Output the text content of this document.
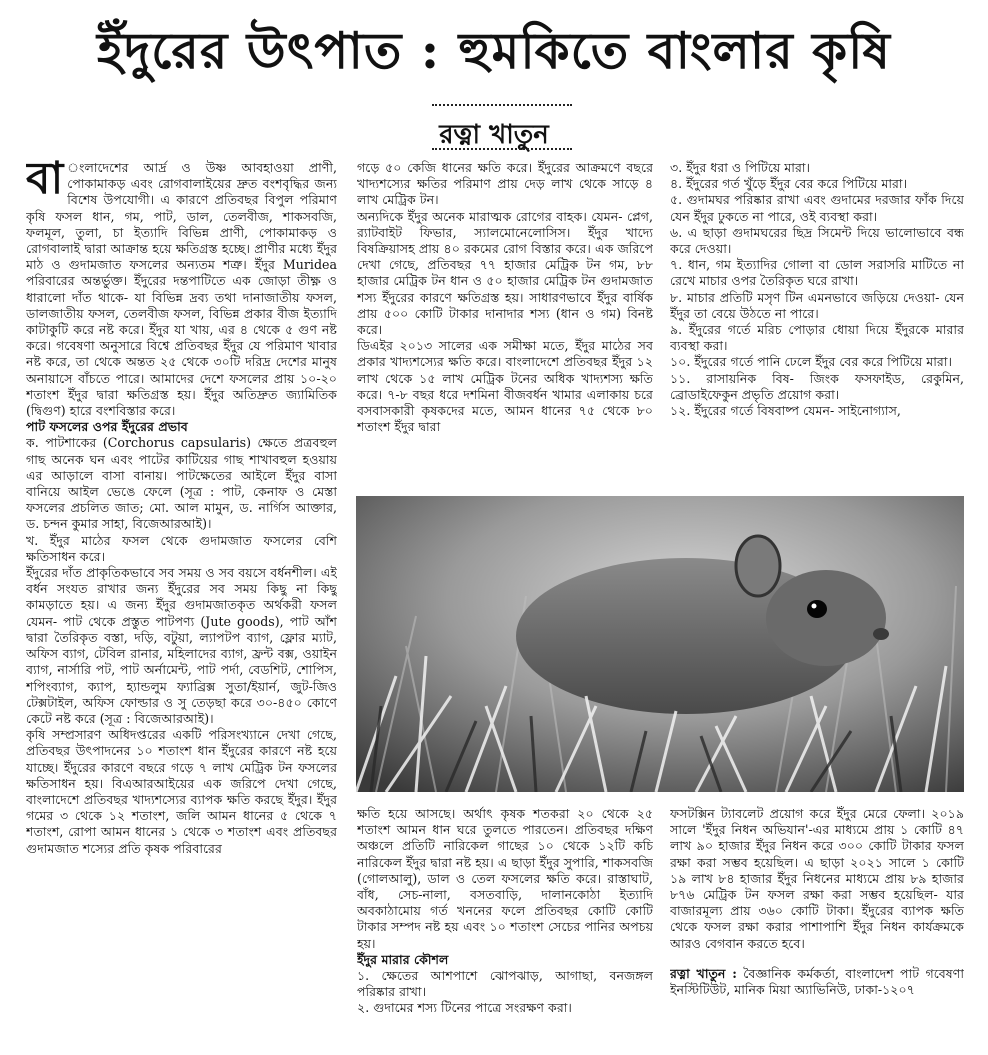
ইঁদুরের উৎপাত : হুমকিতে বাংলার কৃষি
রত্না খাতুন

বা ংলাদেশের আর্দ্র ও উষ্ণ আবহাওয়া প্রাণী, পোকামাকড় এবং রোগবালাইয়ের দ্রুত বংশবৃদ্ধির জন্য বিশেষ উপযোগী। এ কারণে প্রতিবছর বিপুল পরিমাণ কৃষি ফসল ধান, গম, পাট, ডাল, তেলবীজ, শাকসবজি, ফলমূল, তুলা, চা ইত্যাদি বিভিন্ন প্রাণী, পোকামাকড় ও রোগবালাই দ্বারা আক্রান্ত হয়ে ক্ষতিগ্রস্ত হচ্ছে। প্রাণীর মধ্যে ইঁদুর মাঠ ও গুদামজাত ফসলের অন্যতম শত্রু। ইঁদুর Muridea পরিবারের অন্তর্ভুক্ত। ইঁদুরের দন্তপাটিতে এক জোড়া তীক্ষ্ণ ও ধারালো দাঁত থাকে- যা বিভিন্ন দ্রব্য তথা দানাজাতীয় ফসল, ডালজাতীয় ফসল, তেলবীজ ফসল, বিভিন্ন প্রকার বীজ ইত্যাদি কাটাকুটি করে নষ্ট করে। ইঁদুর যা খায়, এর ৪ থেকে ৫ গুণ নষ্ট করে। গবেষণা অনুসারে বিশ্বে প্রতিবছর ইঁদুর যে পরিমাণ খাবার নষ্ট করে, তা থেকে অন্তত ২৫ থেকে ৩০টি দরিদ্র দেশের মানুষ অনায়াসে বাঁচতে পারে। আমাদের দেশে ফসলের প্রায় ১০-২০ শতাংশ ইঁদুর দ্বারা ক্ষতিগ্রস্ত হয়। ইঁদুর অতিদ্রুত জ্যামিতিক (দ্বিগুণ) হারে বংশবিস্তার করে।

পাট ফসলের ওপর ইঁদুরের প্রভাব

ক. পাটশাকের (Corchorus capsularis) ক্ষেতে প্রত্রবহুল গাছ অনেক ঘন এবং পাটের কাটিয়ের গাছ শাখাবহুল হওয়ায় এর আড়ালে বাসা বানায়। পাটক্ষেতের আইলে ইঁদুর বাসা বানিয়ে আইল ভেঙে ফেলে (সূত্র : পাট, কেনাফ ও মেস্তা ফসলের প্রচলিত জাত; মো. আল মামুন, ড. নার্গিস আক্তার, ড. চন্দন কুমার সাহা, বিজেআরআই)।

খ. ইঁদুর মাঠের ফসল থেকে গুদামজাত ফসলের বেশি ক্ষতিসাধন করে।

ইঁদুরের দাঁত প্রাকৃতিকভাবে সব সময় ও সব বয়সে বর্ধনশীল। এই বর্ধন সংযত রাখার জন্য ইঁদুরের সব সময় কিছু না কিছু কামড়াতে হয়। এ জন্য ইঁদুর গুদামজাতকৃত অর্থকরী ফসল যেমন- পাট থেকে প্রস্তুত পাটপণ্য (Jute goods), পাট আঁশ দ্বারা তৈরিকৃত বস্তা, দড়ি, বটুয়া, ল্যাপটপ ব্যাগ, ফ্লোর ম্যাট, অফিস ব্যাগ, টেবিল রানার, মহিলাদের ব্যাগ, ফ্রন্ট বক্স, ওয়াইন ব্যাগ, নার্সারি পট, পাট অর্নামেন্ট, পাট পর্দা, বেডশিট, শোপিস, শপিংব্যাগ, ক্যাপ, হ্যান্ডলুম ফ্যাব্রিক্স সুতা/ইয়ার্ন, জুট-জিও টেক্সটাইল, অফিস ফোল্ডার ও সু তেড়ছা করে ৩০-৪৫০ কোণে কেটে নষ্ট করে (সূত্র : বিজেআরআই)।

কৃষি সম্প্রসারণ অধিদপ্তরের একটি পরিসংখ্যানে দেখা গেছে, প্রতিবছর উৎপাদনের ১০ শতাংশ ধান ইঁদুরের কারণে নষ্ট হয়ে যাচ্ছে। ইঁদুরের কারণে বছরে গড়ে ৭ লাখ মেট্রিক টন ফসলের ক্ষতিসাধন হয়। বিএআরআইয়ের এক জরিপে দেখা গেছে, বাংলাদেশে প্রতিবছর খাদ্যশস্যের ব্যাপক ক্ষতি করছে ইঁদুর। ইঁদুর গমের ৩ থেকে ১২ শতাংশ, জলি আমন ধানের ৫ থেকে ৭ শতাংশ, রোপা আমন ধানের ১ থেকে ৩ শতাংশ এবং প্রতিবছর গুদামজাত শস্যের প্রতি কৃষক পরিবারের

গড়ে ৫০ কেজি ধানের ক্ষতি করে। ইঁদুরের আক্রমণে বছরে খাদ্যশস্যের ক্ষতির পরিমাণ প্রায় দেড় লাখ থেকে সাড়ে ৪ লাখ মেট্রিক টন।

অন্যদিকে ইঁদুর অনেক মারাত্মক রোগের বাহক। যেমন- প্লেগ, র‌্যাটবাইট ফিভার, স্যালমোনেলোসিস। ইঁদুর খাদ্যে বিষক্রিয়াসহ প্রায় ৪০ রকমের রোগ বিস্তার করে। এক জরিপে দেখা গেছে, প্রতিবছর ৭৭ হাজার মেট্রিক টন গম, ৮৮ হাজার মেট্রিক টন ধান ও ৫০ হাজার মেট্রিক টন গুদামজাত শস্য ইঁদুরের কারণে ক্ষতিগ্রস্ত হয়। সাধারণভাবে ইঁদুর বার্ষিক প্রায় ৫০০ কোটি টাকার দানাদার শস্য (ধান ও গম) বিনষ্ট করে।

ডিএইর ২০১৩ সালের এক সমীক্ষা মতে, ইঁদুর মাঠের সব প্রকার খাদ্যশস্যের ক্ষতি করে। বাংলাদেশে প্রতিবছর ইঁদুর ১২ লাখ থেকে ১৫ লাখ মেট্রিক টনের অধিক খাদ্যশস্য ক্ষতি করে। ৭-৮ বছর ধরে দশমিনা বীজবর্ধন খামার এলাকায় চরে বসবাসকারী কৃষকদের মতে, আমন ধানের ৭৫ থেকে ৮০ শতাংশ ইঁদুর দ্বারা

৩. ইঁদুর ধরা ও পিটিয়ে মারা।

৪. ইঁদুরের গর্ত খুঁড়ে ইঁদুর বের করে পিটিয়ে মারা।

৫. গুদামঘর পরিষ্কার রাখা এবং গুদামের দরজার ফাঁক দিয়ে যেন ইঁদুর ঢুকতে না পারে, ওই ব্যবস্থা করা।

৬. এ ছাড়া গুদামঘরের ছিদ্র সিমেন্ট দিয়ে ভালোভাবে বন্ধ করে দেওয়া।

৭. ধান, গম ইত্যাদির গোলা বা ডোল সরাসরি মাটিতে না রেখে মাচার ওপর তৈরিকৃত ঘরে রাখা।

৮. মাচার প্রতিটি মসৃণ টিন এমনভাবে জড়িয়ে দেওয়া- যেন ইঁদুর তা বেয়ে উঠতে না পারে।

৯. ইঁদুরের গর্তে মরিচ পোড়ার ধোয়া দিয়ে ইঁদুরকে মারার ব্যবস্থা করা।

১০. ইঁদুরের গর্তে পানি ঢেলে ইঁদুর বের করে পিটিয়ে মারা।

১১. রাসায়নিক বিষ- জিংক ফসফাইড, রেকুমিন, ব্রোডাইফেকুন প্রভৃতি প্রয়োগ করা।

১২. ইঁদুরের গর্তে বিষবাষ্প যেমন- সাইনোগ্যাস,

ক্ষতি হয়ে আসছে। অর্থাৎ কৃষক শতকরা ২০ থেকে ২৫ শতাংশ আমন ধান ঘরে তুলতে পারতেন। প্রতিবছর দক্ষিণ অঞ্চলে প্রতিটি নারিকেল গাছের ১০ থেকে ১২টি কচি নারিকেল ইঁদুর দ্বারা নষ্ট হয়। এ ছাড়া ইঁদুর সুপারি, শাকসবজি (গোলআলু), ডাল ও তেল ফসলের ক্ষতি করে। রাস্তাঘাট, বাঁধ, সেচ-নালা, বসতবাড়ি, দালানকোঠা ইত্যাদি অবকাঠামোয় গর্ত খননের ফলে প্রতিবছর কোটি কোটি টাকার সম্পদ নষ্ট হয় এবং ১০ শতাংশ সেচের পানির অপচয় হয়।

ইঁদুর মারার কৌশল

১. ক্ষেতের আশপাশে ঝোপঝাড়, আগাছা, বনজঙ্গল পরিষ্কার রাখা।

২. গুদামের শস্য টিনের পাত্রে সংরক্ষণ করা।

ফসটক্সিন ট্যাবলেট প্রয়োগ করে ইঁদুর মেরে ফেলা। ২০১৯ সালে 'ইঁদুর নিধন অভিযান'-এর মাধ্যমে প্রায় ১ কোটি ৪৭ লাখ ৯০ হাজার ইঁদুর নিধন করে ৩০০ কোটি টাকার ফসল রক্ষা করা সম্ভব হয়েছিল। এ ছাড়া ২০২১ সালে ১ কোটি ১৯ লাখ ৮৪ হাজার ইঁদুর নিধনের মাধ্যমে প্রায় ৮৯ হাজার ৮৭৬ মেট্রিক টন ফসল রক্ষা করা সম্ভব হয়েছিল- যার বাজারমূল্য প্রায় ৩৬০ কোটি টাকা। ইঁদুরের ব্যাপক ক্ষতি থেকে ফসল রক্ষা করার পাশাপাশি ইঁদুর নিধন কার্যক্রমকে আরও বেগবান করতে হবে।

রত্না খাতুন : বৈজ্ঞানিক কর্মকর্তা, বাংলাদেশ পাট গবেষণা ইনস্টিটিউট, মানিক মিয়া অ্যাভিনিউ, ঢাকা-১২০৭
